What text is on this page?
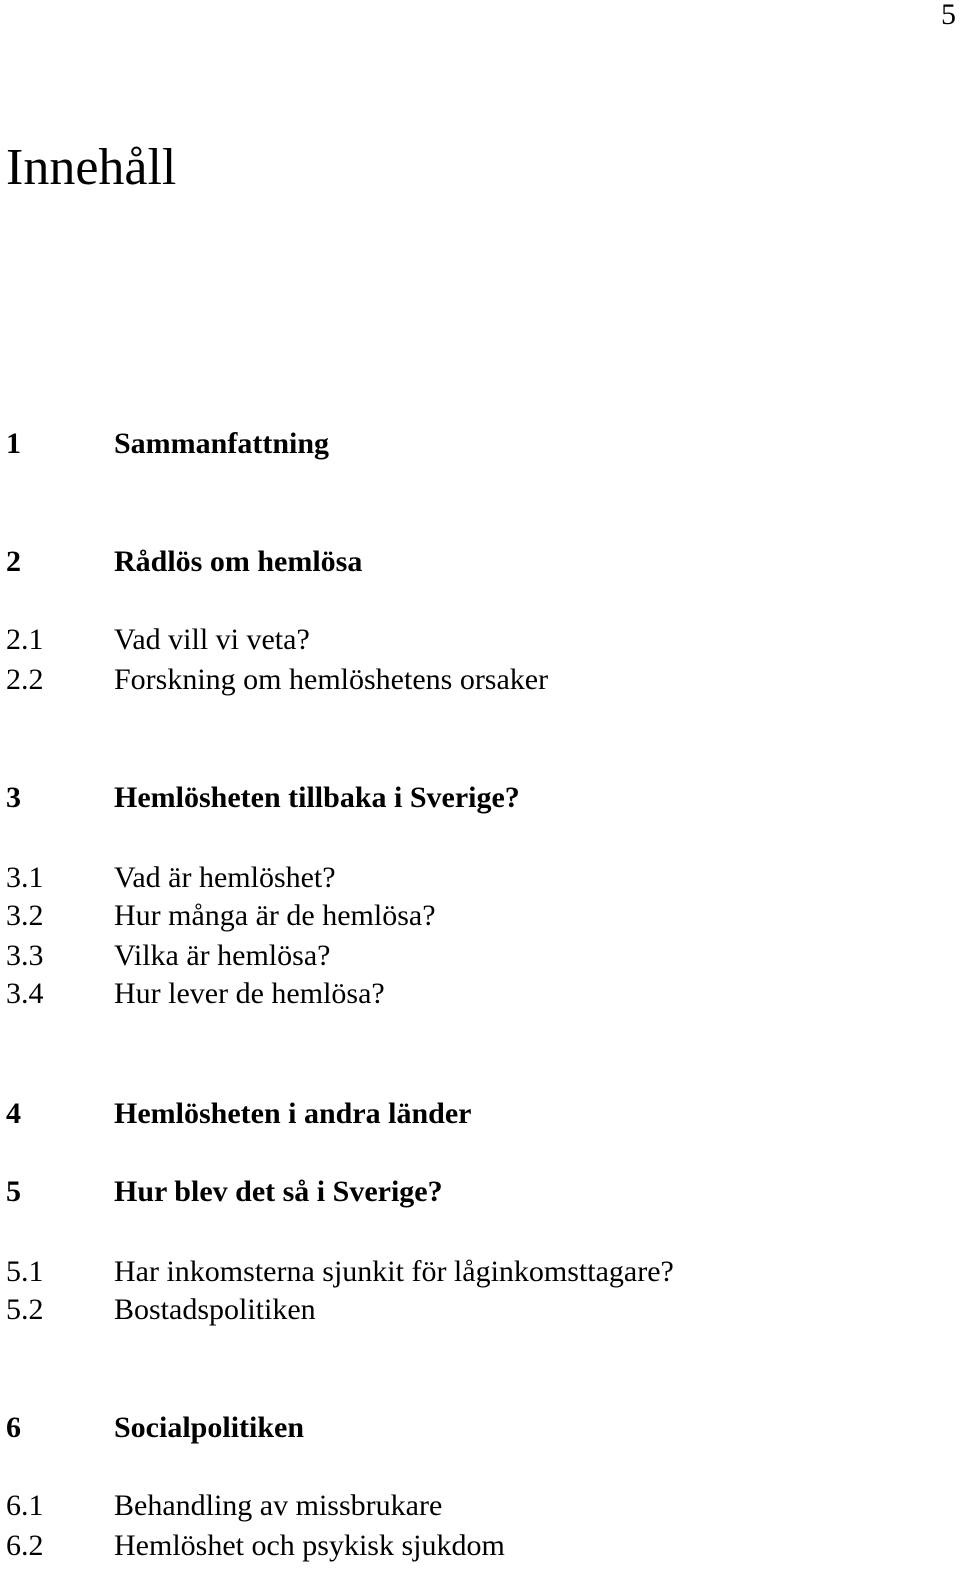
5
Innehåll
1	Sammanfattning
2	Rådlös om hemlösa
2.1 Vad vill vi veta?
2.2 Forskning om hemlöshetens orsaker
3	Hemlösheten tillbaka i Sverige?
3.1 Vad är hemlöshet?
3.2 Hur många är de hemlösa?
3.3 Vilka är hemlösa?
3.4 Hur lever de hemlösa?
4	Hemlösheten i andra länder
5	Hur blev det så i Sverige?
5.1 Har inkomsterna sjunkit för låginkomsttagare?
5.2 Bostadspolitiken
6	Socialpolitiken
6.1 Behandling av missbrukare
6.2 Hemlöshet och psykisk sjukdom
